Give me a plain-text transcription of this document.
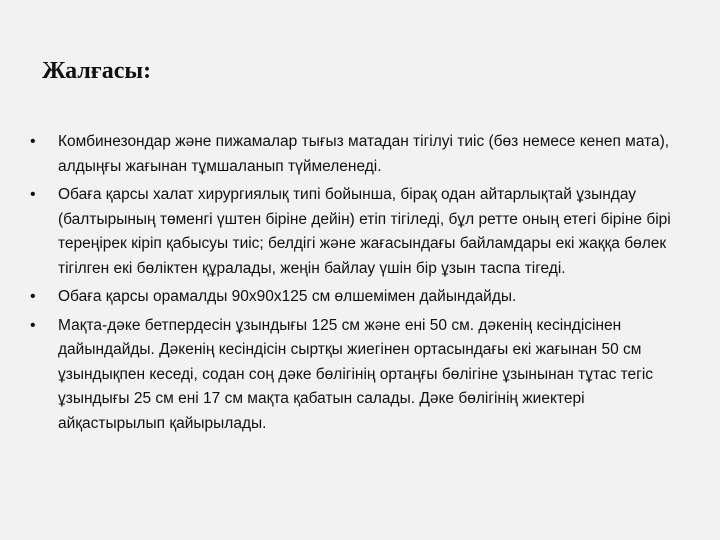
Жалғасы:
• Комбинезондар және пижамалар тығыз матадан тігілуі тиіс (бөз немесе кенеп мата), алдыңғы жағынан тұмшаланып түймеленеді.
• Обаға қарсы халат хирургиялық типі бойынша, бірақ одан айтарлықтай ұзындау (балтырының төменгі үштен біріне дейін) етіп тігіледі, бұл ретте оның етегі біріне бірі тереңірек кіріп қабысуы тиіс; белдігі және жағасындағы байламдары екі жаққа бөлек тігілген екі бөліктен құралады, жеңін байлау үшін бір ұзын таспа тігеді.
• Обаға қарсы орамалды 90х90х125 см өлшемімен дайындайды.
• Мақта-дәке бетпердесін ұзындығы 125 см және ені 50 см. дәкенің кесіндісінен дайындайды. Дәкенің кесіндісін сыртқы жиегінен ортасындағы екі жағынан 50 см ұзындықпен кеседі, содан соң дәке бөлігінің ортаңғы бөлігіне ұзынынан тұтас тегіс ұзындығы 25 см ені 17 см мақта қабатын салады. Дәке бөлігінің жиектері айқастырылып қайырылады.
